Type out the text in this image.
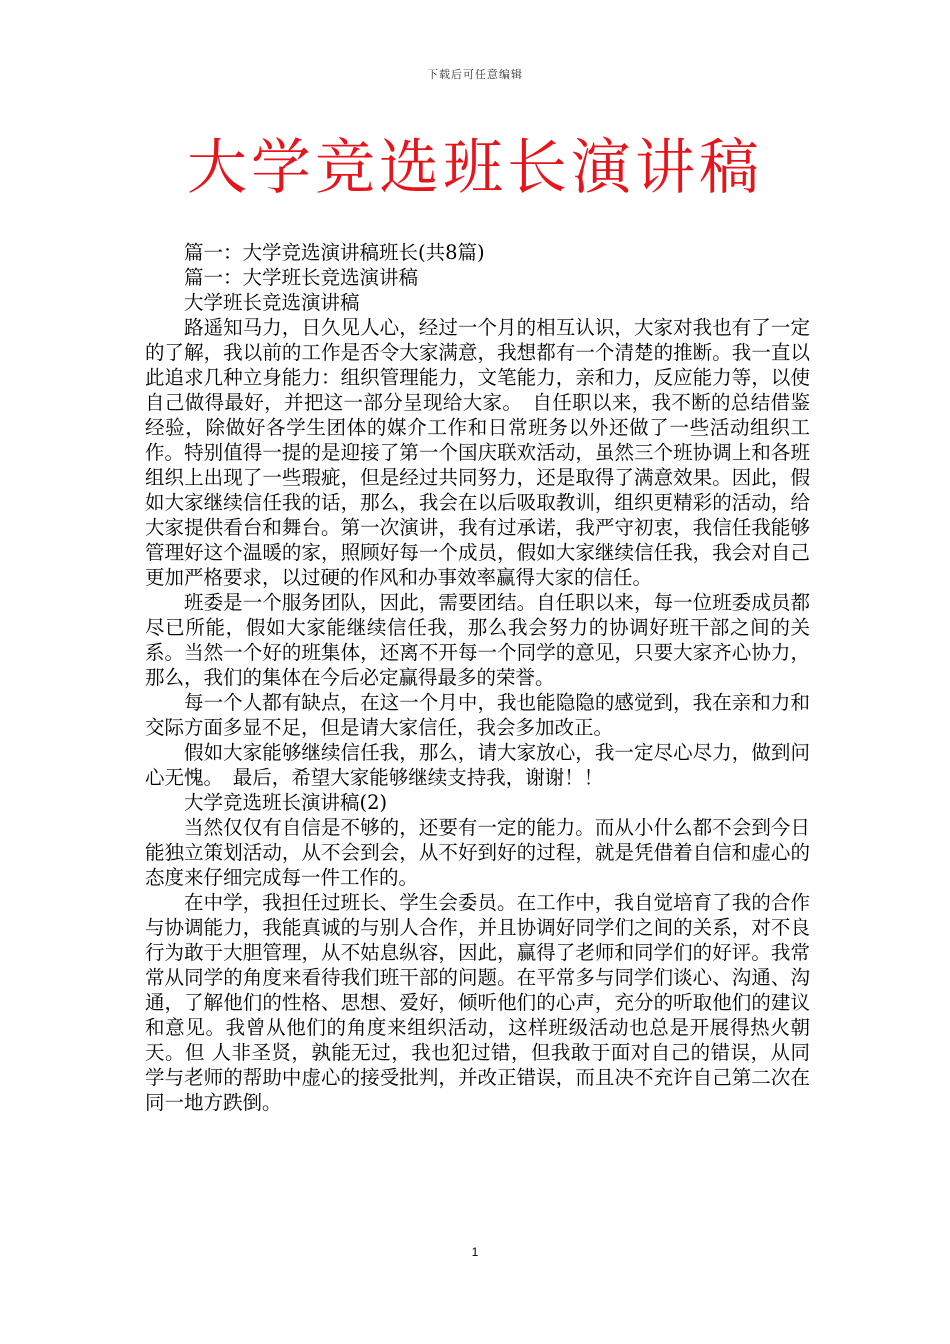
下载后可任意编辑
大学竞选班长演讲稿

篇一：大学竞选演讲稿班长(共8篇)

篇一：大学班长竞选演讲稿

大学班长竞选演讲稿

路遥知马力，日久见人心，经过一个月的相互认识，大家对我也有了一定的了解，我以前的工作是否令大家满意，我想都有一个清楚的推断。我一直以此追求几种立身能力：组织管理能力，文笔能力，亲和力，反应能力等，以使自己做得最好，并把这一部分呈现给大家。　自任职以来，我不断的总结借鉴经验，除做好各学生团体的媒介工作和日常班务以外还做了一些活动组织工作。特别值得一提的是迎接了第一个国庆联欢活动，虽然三个班协调上和各班组织上出现了一些瑕疵，但是经过共同努力，还是取得了满意效果。因此，假如大家继续信任我的话，那么，我会在以后吸取教训，组织更精彩的活动，给大家提供看台和舞台。第一次演讲，我有过承诺，我严守初衷，我信任我能够管理好这个温暖的家，照顾好每一个成员，假如大家继续信任我，我会对自己更加严格要求，以过硬的作风和办事效率赢得大家的信任。

班委是一个服务团队，因此，需要团结。自任职以来，每一位班委成员都尽已所能，假如大家能继续信任我，那么我会努力的协调好班干部之间的关系。当然一个好的班集体，还离不开每一个同学的意见，只要大家齐心协力，那么，我们的集体在今后必定赢得最多的荣誉。

每一个人都有缺点，在这一个月中，我也能隐隐的感觉到，我在亲和力和交际方面多显不足，但是请大家信任，我会多加改正。

假如大家能够继续信任我，那么，请大家放心，我一定尽心尽力，做到问心无愧。　最后，希望大家能够继续支持我，谢谢！！

大学竞选班长演讲稿(2)

当然仅仅有自信是不够的，还要有一定的能力。而从小什么都不会到今日能独立策划活动，从不会到会，从不好到好的过程，就是凭借着自信和虚心的态度来仔细完成每一件工作的。

在中学，我担任过班长、学生会委员。在工作中，我自觉培育了我的合作与协调能力，我能真诚的与别人合作，并且协调好同学们之间的关系，对不良 行为敢于大胆管理，从不姑息纵容，因此，赢得了老师和同学们的好评。我常常从同学的角度来看待我们班干部的问题。在平常多与同学们谈心、沟通、沟通，了解他们的性格、思想、爱好，倾听他们的心声，充分的听取他们的建议和意见。我曾从他们的角度来组织活动，这样班级活动也总是开展得热火朝天。但 人非圣贤，孰能无过，我也犯过错，但我敢于面对自己的错误，从同学与老师的帮助中虚心的接受批判，并改正错误，而且决不充许自己第二次在同一地方跌倒。

1
